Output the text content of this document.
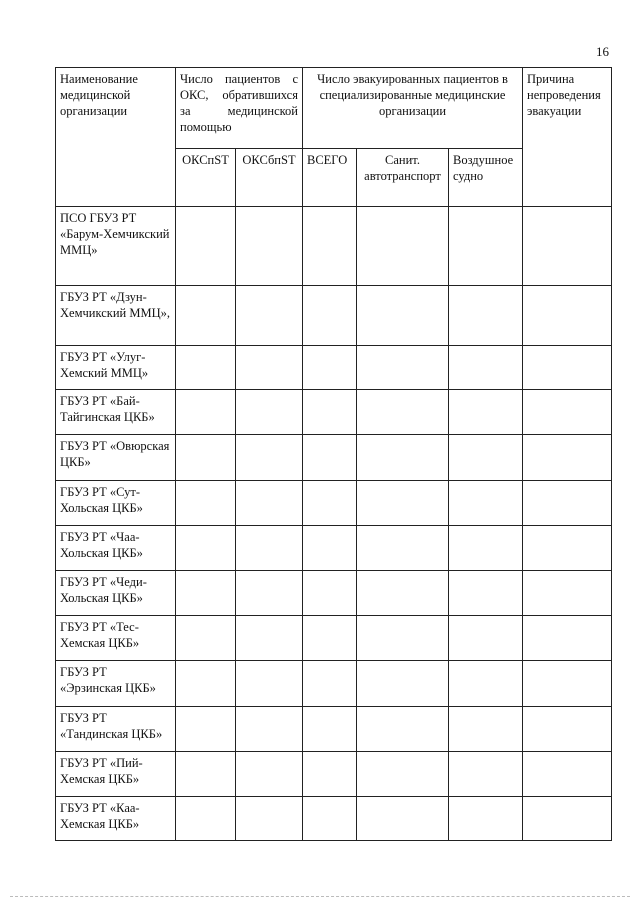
16
Наименование медицинской организации	Число пациентов с ОКС, обратившихся за медицинской помощью		Число эвакуированных пациентов в специализированные медицинские организации			Причина непроведения эвакуации
	ОКСпST	ОКСбпST	ВСЕГО	Санит. автотранспорт	Воздушное судно	
ПСО ГБУЗ РТ «Барум-Хемчикский ММЦ»						
ГБУЗ РТ «Дзун-Хемчикский ММЦ»,						
ГБУЗ РТ «Улуг-Хемский ММЦ»						
ГБУЗ РТ «Бай-Тайгинская ЦКБ»						
ГБУЗ РТ «Овюрская ЦКБ»						
ГБУЗ РТ «Сут-Хольская ЦКБ»						
ГБУЗ РТ «Чаа-Хольская ЦКБ»						
ГБУЗ РТ «Чеди-Хольская ЦКБ»						
ГБУЗ РТ «Тес-Хемская ЦКБ»						
ГБУЗ РТ «Эрзинская ЦКБ»						
ГБУЗ РТ «Тандинская ЦКБ»						
ГБУЗ РТ «Пий-Хемская ЦКБ»						
ГБУЗ РТ «Каа-Хемская ЦКБ»						
